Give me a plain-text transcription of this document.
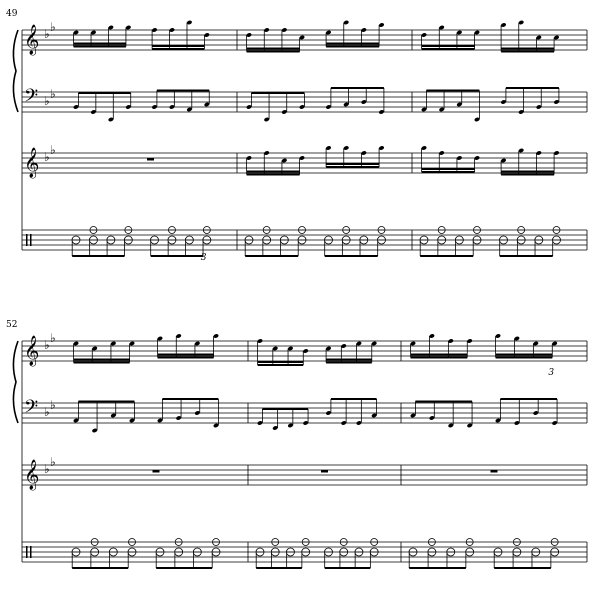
49
𝄞 ♭ ♭
𝄢 ♭ ♭
𝄞 ♭ ♭
3
52
𝄞 ♭ ♭
3
𝄢 ♭ ♭
𝄞 ♭ ♭
